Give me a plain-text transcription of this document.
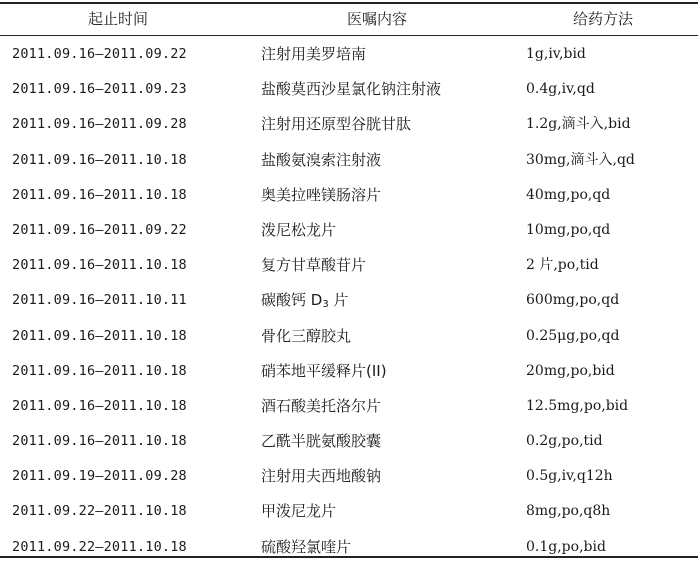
起止时间	医嘱内容	给药方法
2011.09.16—2011.09.22	注射用美罗培南	1g,iv,bid
2011.09.16—2011.09.23	盐酸莫西沙星氯化钠注射液	0.4g,iv,qd
2011.09.16—2011.09.28	注射用还原型谷胱甘肽	1.2g,滴斗入,bid
2011.09.16—2011.10.18	盐酸氨溴索注射液	30mg,滴斗入,qd
2011.09.16—2011.10.18	奥美拉唑镁肠溶片	40mg,po,qd
2011.09.16—2011.09.22	泼尼松龙片	10mg,po,qd
2011.09.16—2011.10.18	复方甘草酸苷片	2 片,po,tid
2011.09.16—2011.10.11	碳酸钙 $D_3$ 片	600mg,po,qd
2011.09.16—2011.10.18	骨化三醇胶丸	0.25μg,po,qd
2011.09.16—2011.10.18	硝苯地平缓释片(II)	20mg,po,bid
2011.09.16—2011.10.18	酒石酸美托洛尔片	12.5mg,po,bid
2011.09.16—2011.10.18	乙酰半胱氨酸胶囊	0.2g,po,tid
2011.09.19—2011.09.28	注射用夫西地酸钠	0.5g,iv,q12h
2011.09.22—2011.10.18	甲泼尼龙片	8mg,po,q8h
2011.09.22—2011.10.18	硫酸羟氯喹片	0.1g,po,bid
